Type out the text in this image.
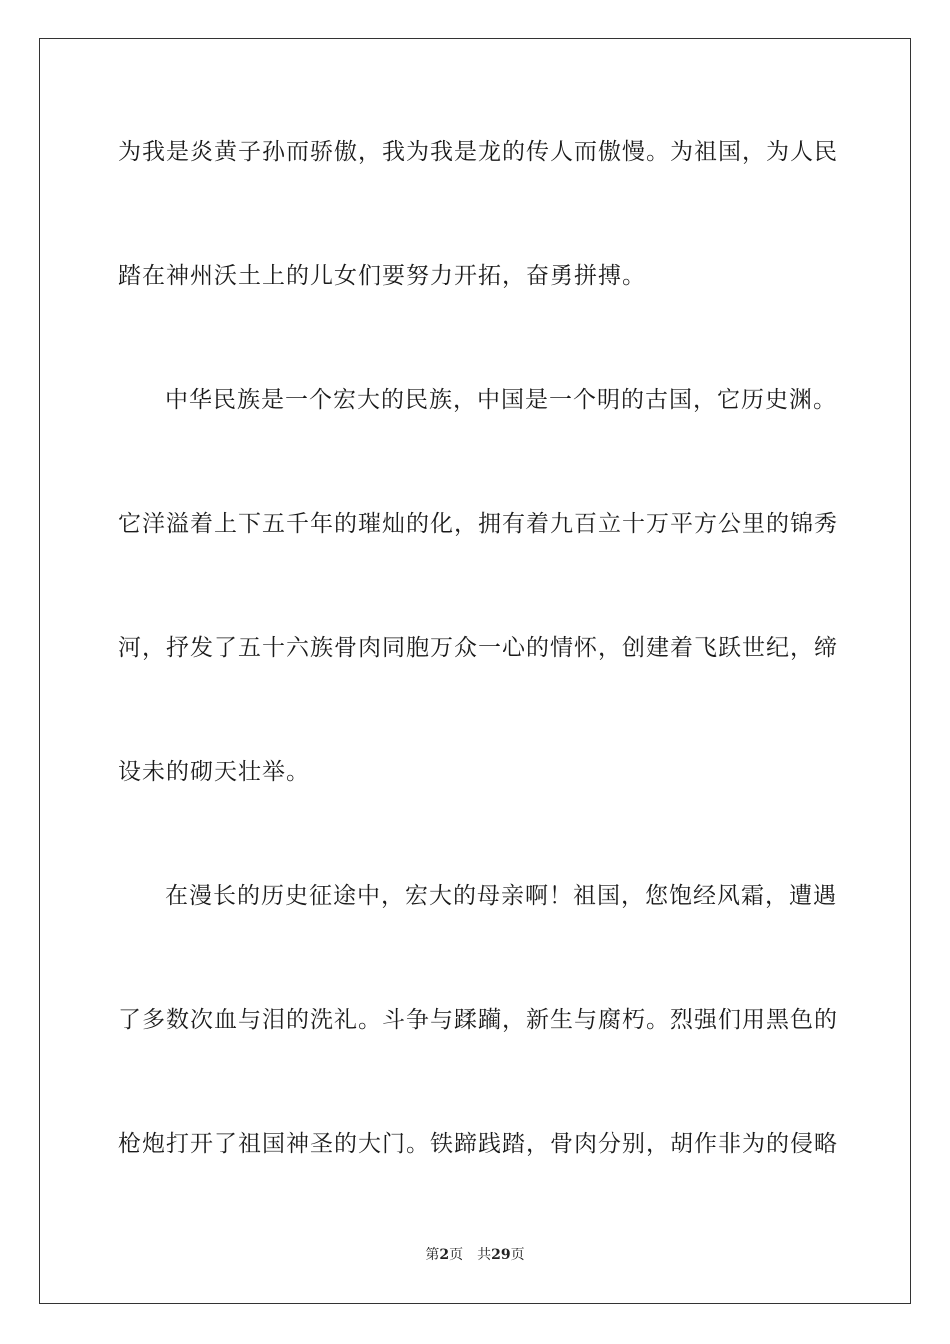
为我是炎黄子孙而骄傲，我为我是龙的传人而傲慢。为祖国，为人民
踏在神州沃土上的儿女们要努力开拓，奋勇拼搏。
中华民族是一个宏大的民族，中国是一个明的古国，它历史渊。
它洋溢着上下五千年的璀灿的化，拥有着九百立十万平方公里的锦秀
河，抒发了五十六族骨肉同胞万众一心的情怀，创建着飞跃世纪，缔
设未的砌天壮举。
在漫长的历史征途中，宏大的母亲啊！祖国，您饱经风霜，遭遇
了多数次血与泪的洗礼。斗争与蹂躏，新生与腐朽。烈强们用黑色的
枪炮打开了祖国神圣的大门。铁蹄践踏，骨肉分别，胡作非为的侵略
第2页 共29页
